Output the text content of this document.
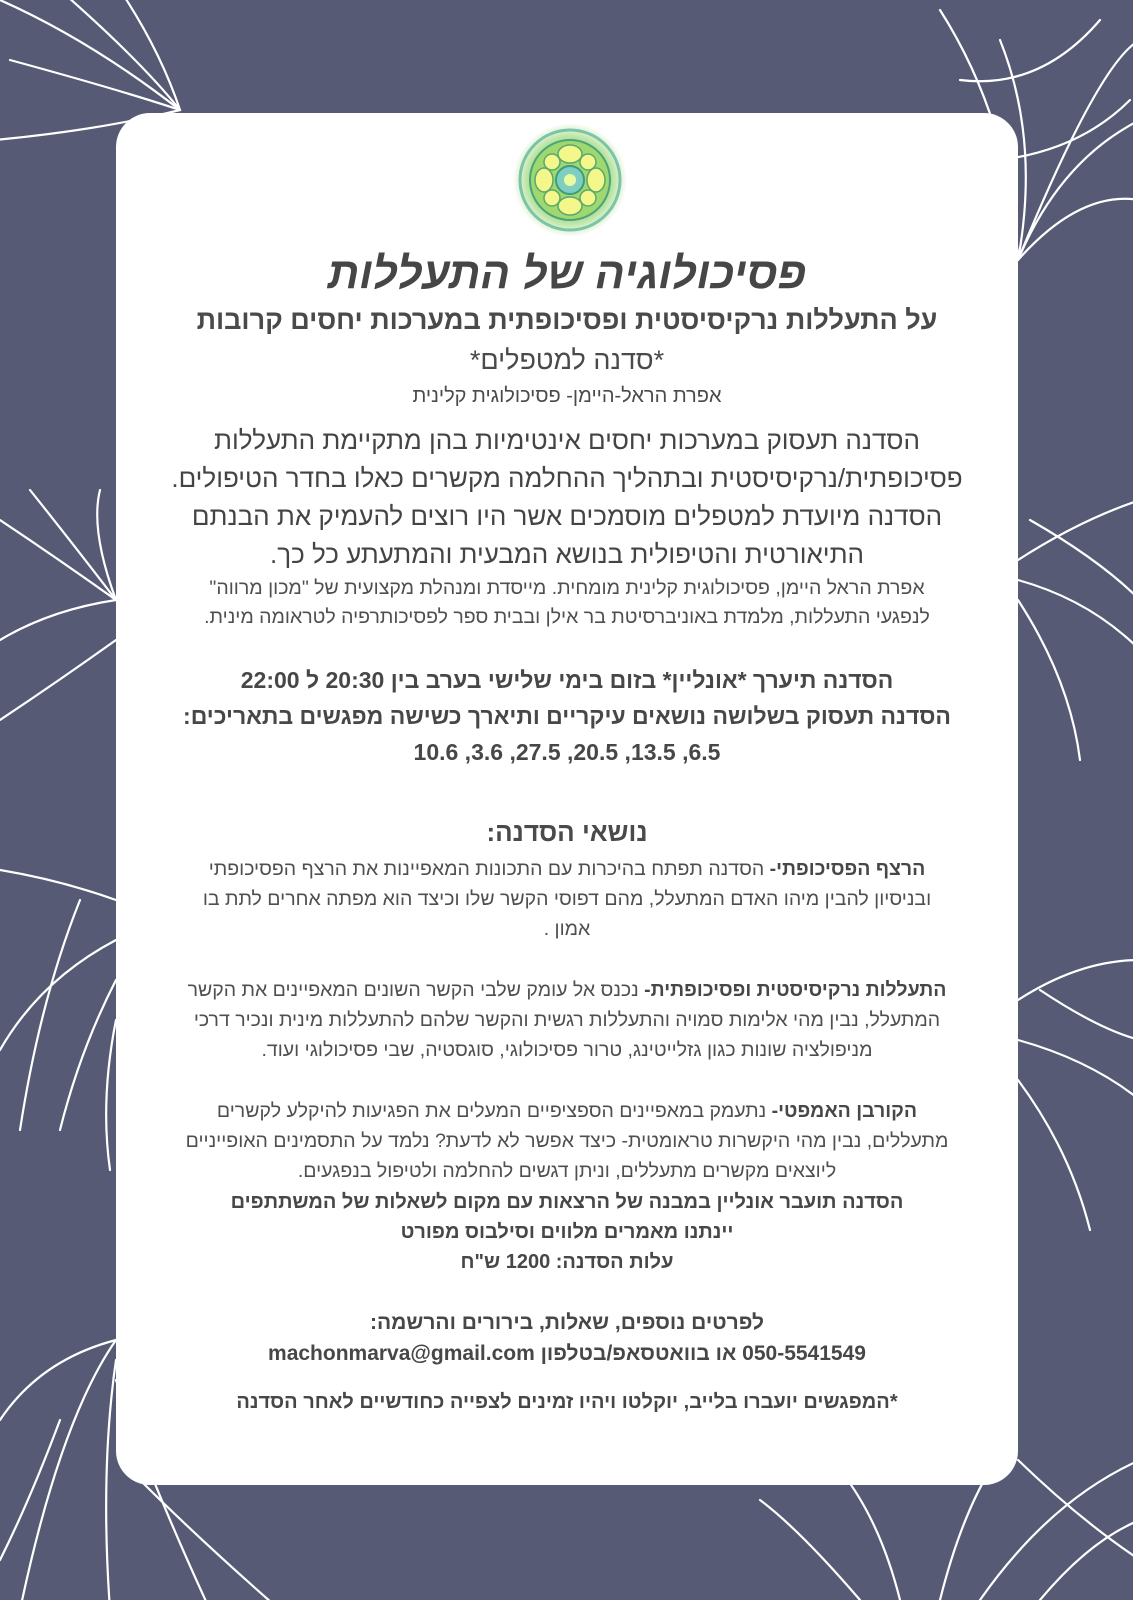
פסיכולוגיה של התעללות

על התעללות נרקיסיסטית ופסיכופתית במערכות יחסים קרובות

*סדנה למטפלים*

אפרת הראל-היימן- פסיכולוגית קלינית

הסדנה תעסוק במערכות יחסים אינטימיות בהן מתקיימת התעללות

פסיכופתית/נרקיסיסטית ובתהליך ההחלמה מקשרים כאלו בחדר הטיפולים.

הסדנה מיועדת למטפלים מוסמכים אשר היו רוצים להעמיק את הבנתם

התיאורטית והטיפולית בנושא המבעית והמתעתע כל כך.

אפרת הראל היימן, פסיכולוגית קלינית מומחית. מייסדת ומנהלת מקצועית של "מכון מרווה"

לנפגעי התעללות, מלמדת באוניברסיטת בר אילן ובבית ספר לפסיכותרפיה לטראומה מינית.

הסדנה תיערך *אונליין* בזום בימי שלישי בערב בין 20:30 ל 22:00

הסדנה תעסוק בשלושה נושאים עיקריים ותיארך כשישה מפגשים בתאריכים:

6.5, 13.5, 20.5, 27.5, 3.6, 10.6

נושאי הסדנה:

הרצף הפסיכופתי- הסדנה תפתח בהיכרות עם התכונות המאפיינות את הרצף הפסיכופתי

ובניסיון להבין מיהו האדם המתעלל, מהם דפוסי הקשר שלו וכיצד הוא מפתה אחרים לתת בו

אמון .

התעללות נרקיסיסטית ופסיכופתית- נכנס אל עומק שלבי הקשר השונים המאפיינים את הקשר

המתעלל, נבין מהי אלימות סמויה והתעללות רגשית והקשר שלהם להתעללות מינית ונכיר דרכי

מניפולציה שונות כגון גזלייטינג, טרור פסיכולוגי, סוגסטיה, שבי פסיכולוגי ועוד.

הקורבן האמפטי- נתעמק במאפיינים הספציפיים המעלים את הפגיעות להיקלע לקשרים

מתעללים, נבין מהי היקשרות טראומטית- כיצד אפשר לא לדעת? נלמד על התסמינים האופייניים

ליוצאים מקשרים מתעללים, וניתן דגשים להחלמה ולטיפול בנפגעים.

הסדנה תועבר אונליין במבנה של הרצאות עם מקום לשאלות של המשתתפים

יינתנו מאמרים מלווים וסילבוס מפורט

עלות הסדנה: 1200 ש"ח

לפרטים נוספים, שאלות, בירורים והרשמה:

050-5541549 או בוואטסאפ/בטלפון machonmarva@gmail.com

*המפגשים יועברו בלייב, יוקלטו ויהיו זמינים לצפייה כחודשיים לאחר הסדנה
